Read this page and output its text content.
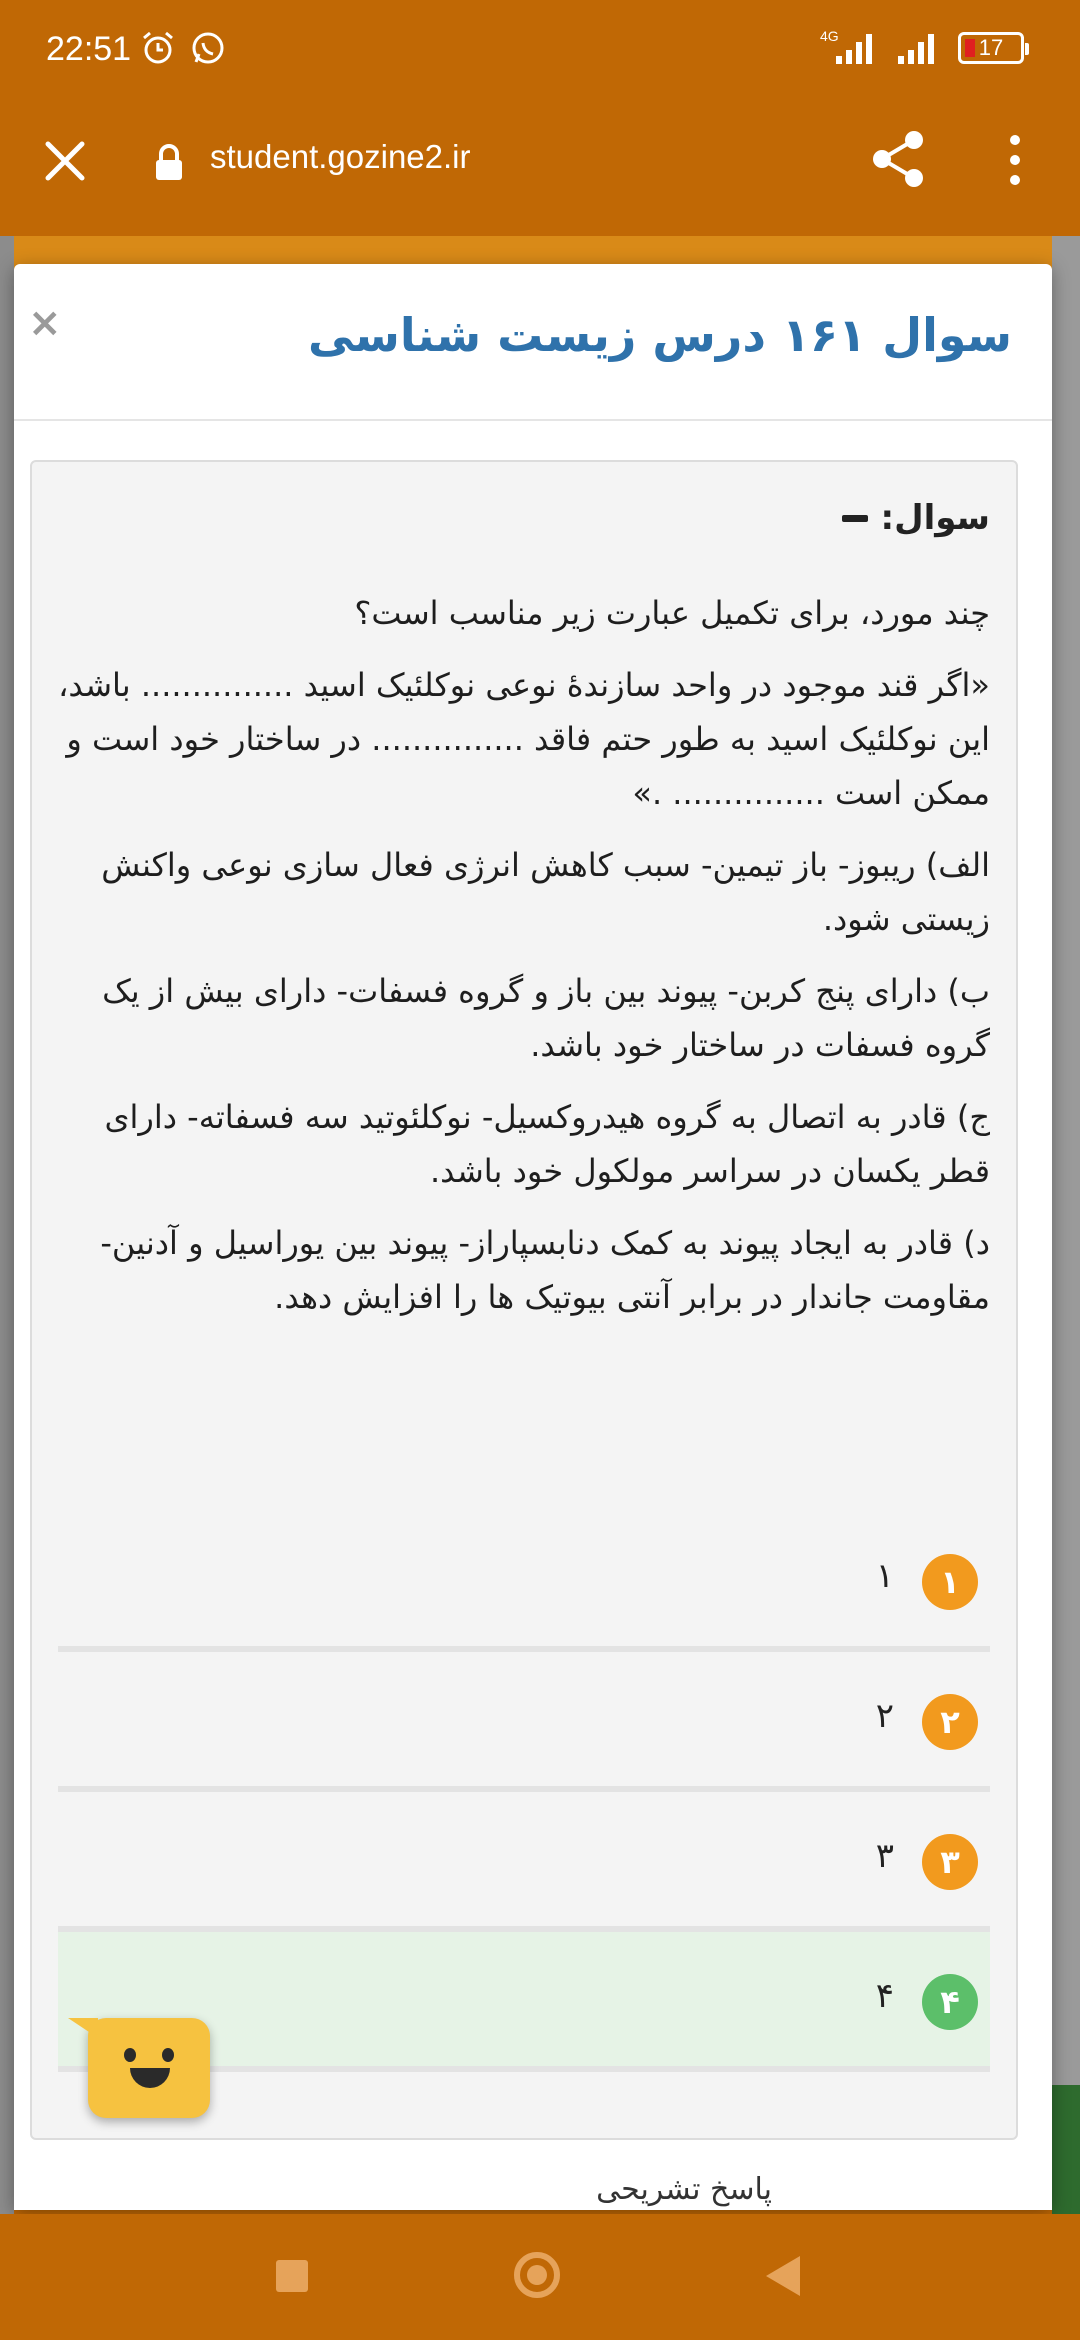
22:51	4G	17
student.gozine2.ir
×	سوال ۱۶۱ درس زیست شناسی
سوال:

چند مورد، برای تکمیل عبارت زیر مناسب است؟

«اگر قند موجود در واحد سازندۀ نوعی نوکلئیک اسید ............... باشد، این نوکلئیک اسید به طور حتم فاقد ............... در ساختار خود است و ممکن است ............... .»

الف) ریبوز- باز تیمین- سبب کاهش انرژی فعال سازی نوعی واکنش زیستی شود.

ب) دارای پنج کربن- پیوند بین باز و گروه فسفات- دارای بیش از یک گروه فسفات در ساختار خود باشد.

ج) قادر به اتصال به گروه هیدروکسیل- نوکلئوتید سه فسفاته- دارای قطر یکسان در سراسر مولکول خود باشد.

د) قادر به ایجاد پیوند به کمک دنابسپاراز- پیوند بین یوراسیل و آدنین- مقاومت جاندار در برابر آنتی بیوتیک ها را افزایش دهد.

۱
۱
۲
۲
۳
۳
۴
۴
پاسخ تشریحی
